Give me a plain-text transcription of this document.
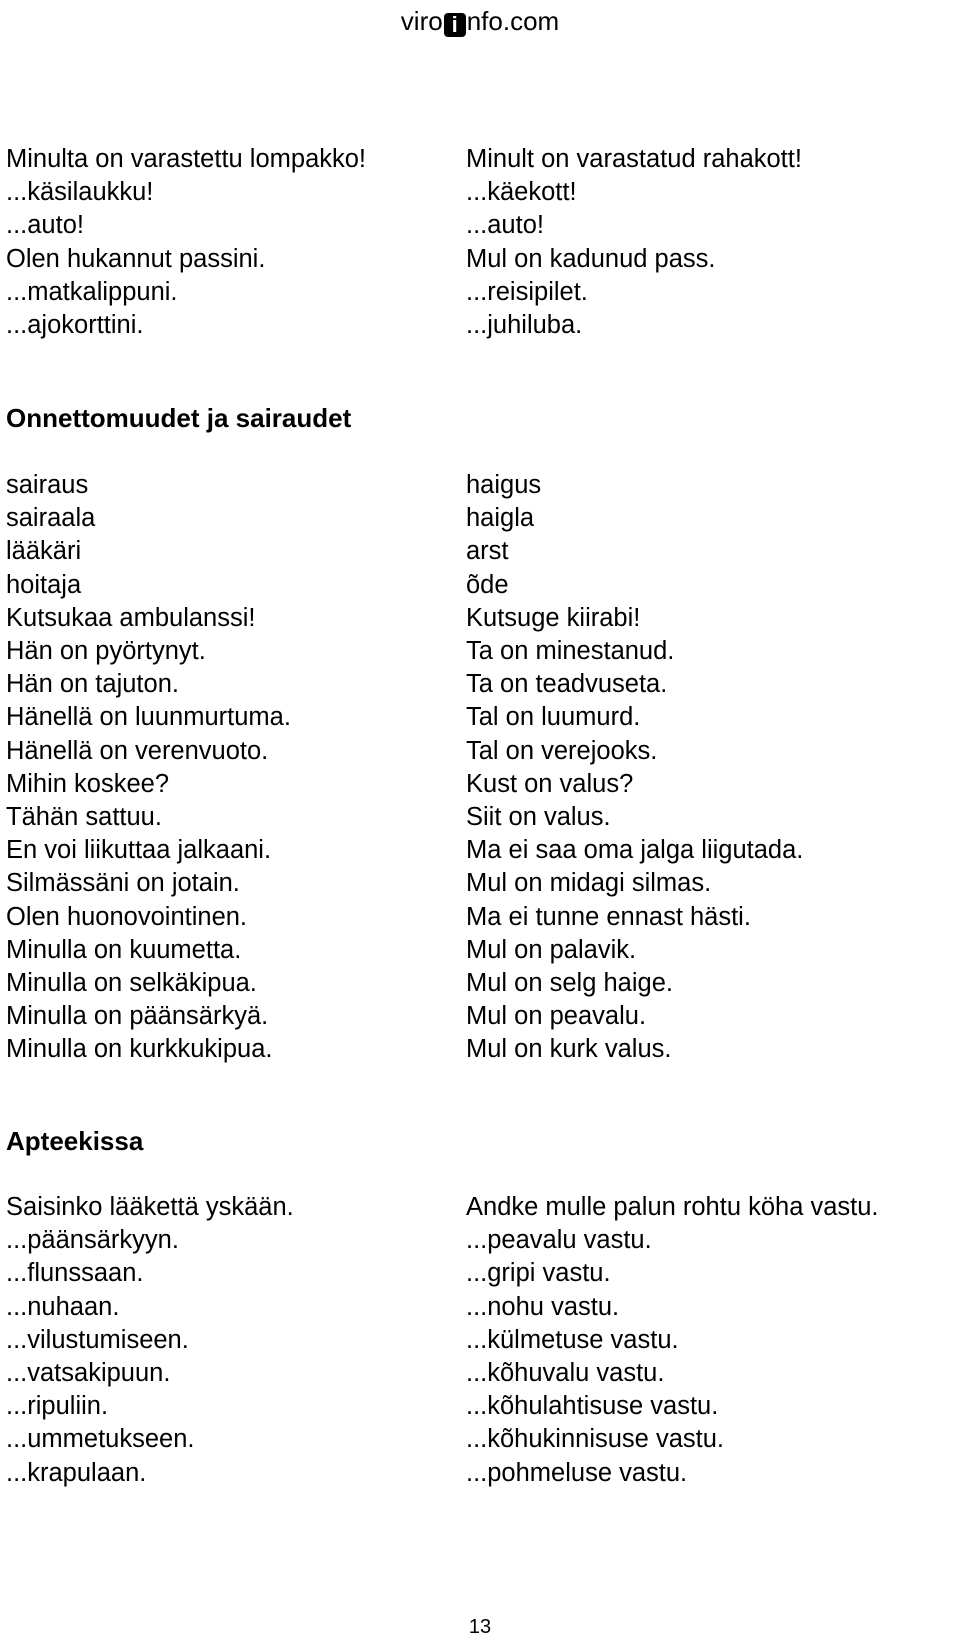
viro i nfo.com
Minulta on varastettu lompakko!	Minult on varastatud rahakott!
...käsilaukku!	...käekott!
...auto!	...auto!
Olen hukannut passini.	Mul on kadunud pass.
...matkalippuni.	...reisipilet.
...ajokorttini.	...juhiluba.
Onnettomuudet ja sairaudet
sairaus	haigus
sairaala	haigla
lääkäri	arst
hoitaja	õde
Kutsukaa ambulanssi!	Kutsuge kiirabi!
Hän on pyörtynyt.	Ta on minestanud.
Hän on tajuton.	Ta on teadvuseta.
Hänellä on luunmurtuma.	Tal on luumurd.
Hänellä on verenvuoto.	Tal on verejooks.
Mihin koskee?	Kust on valus?
Tähän sattuu.	Siit on valus.
En voi liikuttaa jalkaani.	Ma ei saa oma jalga liigutada.
Silmässäni on jotain.	Mul on midagi silmas.
Olen huonovointinen.	Ma ei tunne ennast hästi.
Minulla on kuumetta.	Mul on palavik.
Minulla on selkäkipua.	Mul on selg haige.
Minulla on päänsärkyä.	Mul on peavalu.
Minulla on kurkkukipua.	Mul on kurk valus.
Apteekissa
Saisinko lääkettä yskään.	Andke mulle palun rohtu köha vastu.
...päänsärkyyn.	...peavalu vastu.
...flunssaan.	...gripi vastu.
...nuhaan.	...nohu vastu.
...vilustumiseen.	...külmetuse vastu.
...vatsakipuun.	...kõhuvalu vastu.
...ripuliin.	...kõhulahtisuse vastu.
...ummetukseen.	...kõhukinnisuse vastu.
...krapulaan.	...pohmeluse vastu.
13
